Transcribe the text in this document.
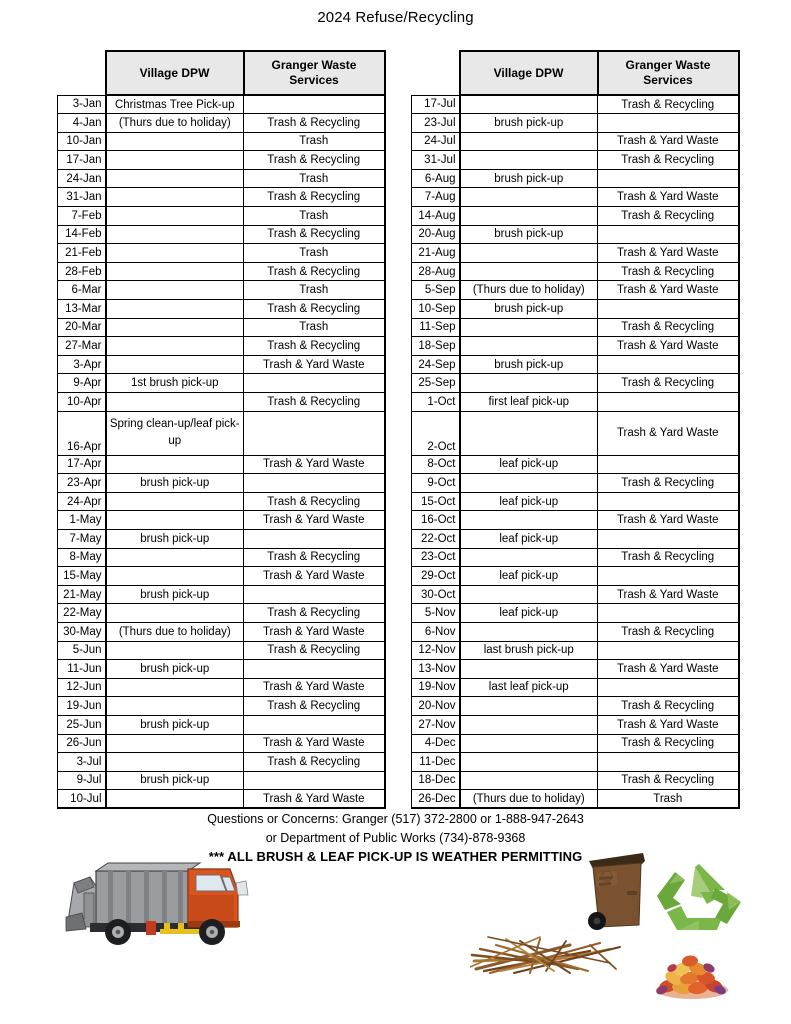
2024 Refuse/Recycling
	Village DPW	Granger Waste
Services
3-Jan	Christmas Tree Pick-up	
4-Jan	(Thurs due to holiday)	Trash & Recycling
10-Jan		Trash
17-Jan		Trash & Recycling
24-Jan		Trash
31-Jan		Trash & Recycling
7-Feb		Trash
14-Feb		Trash & Recycling
21-Feb		Trash
28-Feb		Trash & Recycling
6-Mar		Trash
13-Mar		Trash & Recycling
20-Mar		Trash
27-Mar		Trash & Recycling
3-Apr		Trash & Yard Waste
9-Apr	1st brush pick-up	
10-Apr		Trash & Recycling
16-Apr	Spring clean-up/leaf pick- up	
17-Apr		Trash & Yard Waste
23-Apr	brush pick-up	
24-Apr		Trash & Recycling
1-May		Trash & Yard Waste
7-May	brush pick-up	
8-May		Trash & Recycling
15-May		Trash & Yard Waste
21-May	brush pick-up	
22-May		Trash & Recycling
30-May	(Thurs due to holiday)	Trash & Yard Waste
5-Jun		Trash & Recycling
11-Jun	brush pick-up	
12-Jun		Trash & Yard Waste
19-Jun		Trash & Recycling
25-Jun	brush pick-up	
26-Jun		Trash & Yard Waste
3-Jul		Trash & Recycling
9-Jul	brush pick-up	
10-Jul		Trash & Yard Waste
	Village DPW	Granger Waste
Services
17-Jul		Trash & Recycling
23-Jul	brush pick-up	
24-Jul		Trash & Yard Waste
31-Jul		Trash & Recycling
6-Aug	brush pick-up	
7-Aug		Trash & Yard Waste
14-Aug		Trash & Recycling
20-Aug	brush pick-up	
21-Aug		Trash & Yard Waste
28-Aug		Trash & Recycling
5-Sep	(Thurs due to holiday)	Trash & Yard Waste
10-Sep	brush pick-up	
11-Sep		Trash & Recycling
18-Sep		Trash & Yard Waste
24-Sep	brush pick-up	
25-Sep		Trash & Recycling
1-Oct	first leaf pick-up	
2-Oct		Trash & Yard Waste
8-Oct	leaf pick-up	
9-Oct		Trash & Recycling
15-Oct	leaf pick-up	
16-Oct		Trash & Yard Waste
22-Oct	leaf pick-up	
23-Oct		Trash & Recycling
29-Oct	leaf pick-up	
30-Oct		Trash & Yard Waste
5-Nov	leaf pick-up	
6-Nov		Trash & Recycling
12-Nov	last brush pick-up	
13-Nov		Trash & Yard Waste
19-Nov	last leaf pick-up	
20-Nov		Trash & Recycling
27-Nov		Trash & Yard Waste
4-Dec		Trash & Recycling
11-Dec		
18-Dec		Trash & Recycling
26-Dec	(Thurs due to holiday)	Trash
Questions or Concerns: Granger (517) 372-2800 or 1-888-947-2643
or Department of Public Works (734)-878-9368
*** ALL BRUSH & LEAF PICK-UP IS WEATHER PERMITTING
